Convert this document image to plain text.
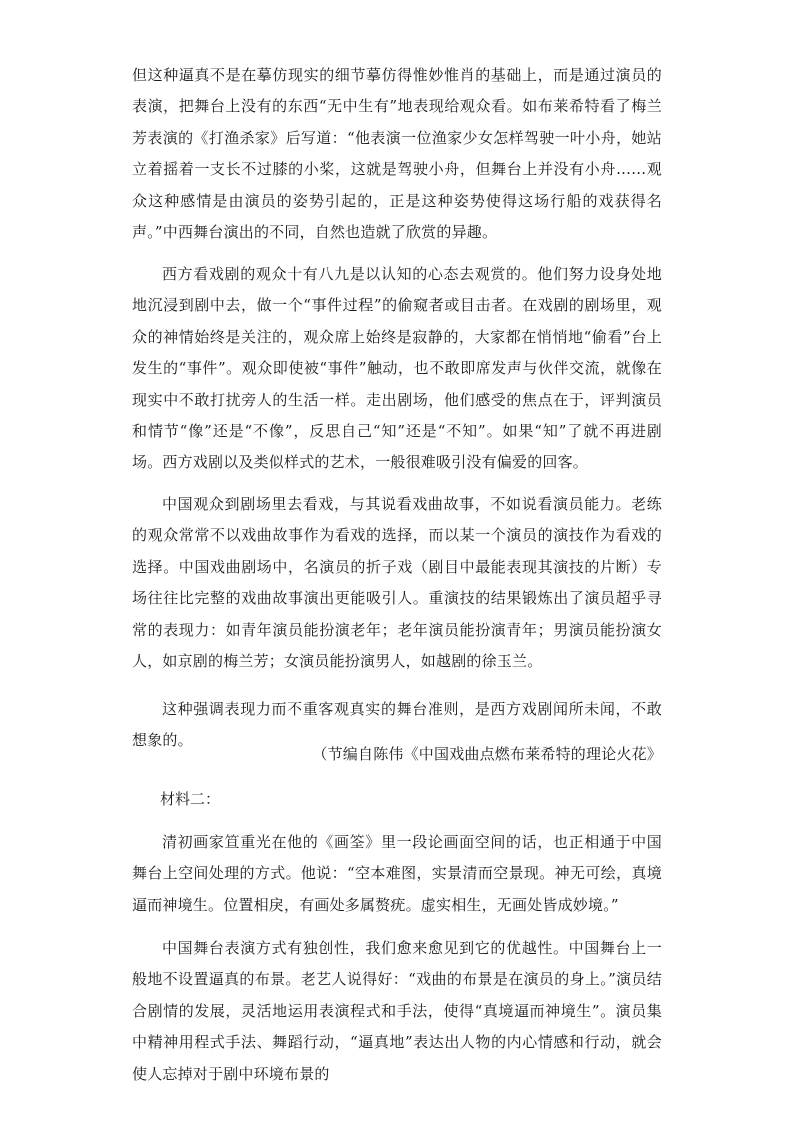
但这种逼真不是在摹仿现实的细节摹仿得惟妙惟肖的基础上，而是通过演员的表演，把舞台上没有的东西“无中生有”地表现给观众看。如布莱希特看了梅兰芳表演的《打渔杀家》后写道：“他表演一位渔家少女怎样驾驶一叶小舟，她站立着摇着一支长不过膝的小桨，这就是驾驶小舟，但舞台上并没有小舟……观众这种感情是由演员的姿势引起的，正是这种姿势使得这场行船的戏获得名声。”中西舞台演出的不同，自然也造就了欣赏的异趣。

西方看戏剧的观众十有八九是以认知的心态去观赏的。他们努力设身处地地沉浸到剧中去，做一个“事件过程”的偷窥者或目击者。在戏剧的剧场里，观众的神情始终是关注的，观众席上始终是寂静的，大家都在悄悄地“偷看”台上发生的“事件”。观众即使被“事件”触动，也不敢即席发声与伙伴交流，就像在现实中不敢打扰旁人的生活一样。走出剧场，他们感受的焦点在于，评判演员和情节“像”还是“不像”，反思自己“知”还是“不知”。如果“知”了就不再进剧场。西方戏剧以及类似样式的艺术，一般很难吸引没有偏爱的回客。

中国观众到剧场里去看戏，与其说看戏曲故事，不如说看演员能力。老练的观众常常不以戏曲故事作为看戏的选择，而以某一个演员的演技作为看戏的选择。中国戏曲剧场中，名演员的折子戏（剧目中最能表现其演技的片断）专场往往比完整的戏曲故事演出更能吸引人。重演技的结果锻炼出了演员超乎寻常的表现力：如青年演员能扮演老年；老年演员能扮演青年；男演员能扮演女人，如京剧的梅兰芳；女演员能扮演男人，如越剧的徐玉兰。

这种强调表现力而不重客观真实的舞台准则，是西方戏剧闻所未闻，不敢想象的。

（节编自陈伟《中国戏曲点燃布莱希特的理论火花》

材料二：

清初画家笪重光在他的《画筌》里一段论画面空间的话，也正相通于中国舞台上空间处理的方式。他说：“空本难图，实景清而空景现。神无可绘，真境逼而神境生。位置相戾，有画处多属赘疣。虚实相生，无画处皆成妙境。”

中国舞台表演方式有独创性，我们愈来愈见到它的优越性。中国舞台上一般地不设置逼真的布景。老艺人说得好：“戏曲的布景是在演员的身上。”演员结合剧情的发展，灵活地运用表演程式和手法，使得“真境逼而神境生”。演员集中精神用程式手法、舞蹈行动，“逼真地”表达出人物的内心情感和行动，就会使人忘掉对于剧中环境布景的
